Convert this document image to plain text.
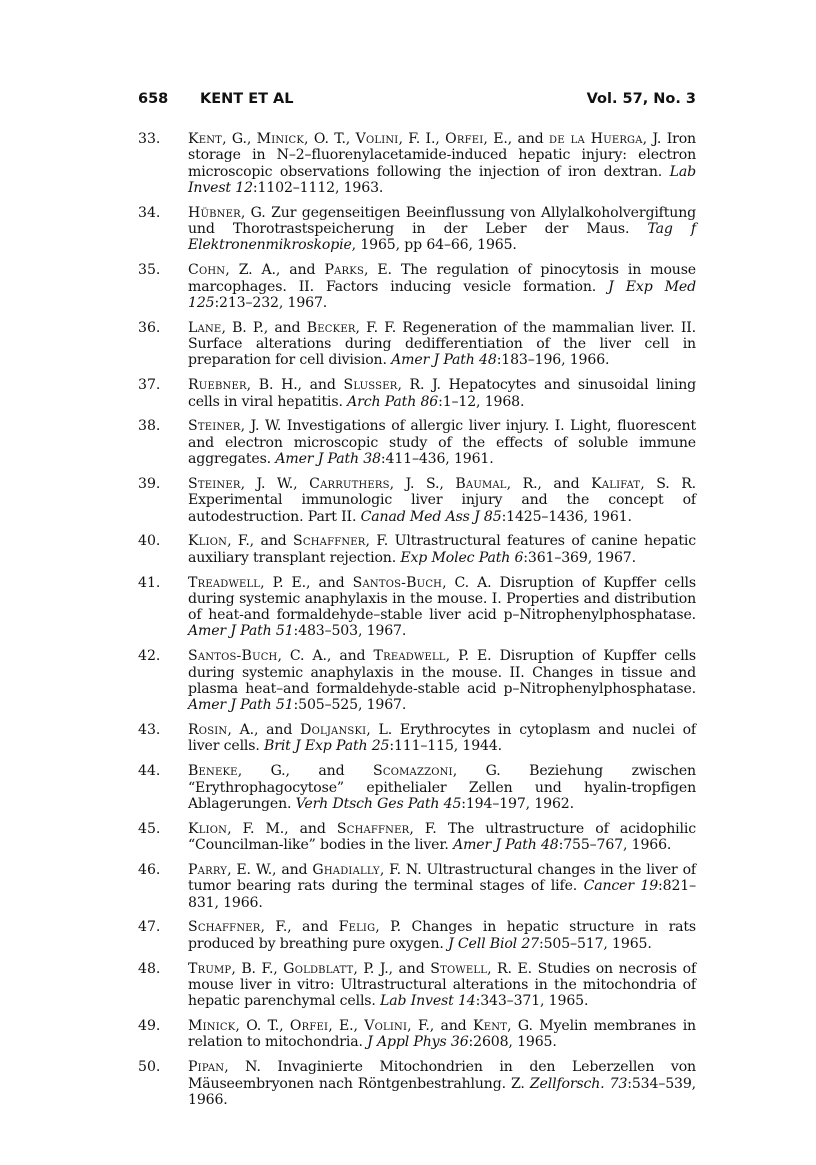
658 KENT ET AL	Vol. 57, No. 3
33.	Kent, G., Minick, O. T., Volini, F. I., Orfei, E., and de la Huerga, J. Iron storage in N–2–fluorenylacetamide-induced hepatic injury: electron microscopic observations following the injection of iron dextran. Lab Invest 12:1102–1112, 1963.
34.	Hübner, G. Zur gegenseitigen Beeinflussung von Allylalkoholvergiftung und Thorotrastspeicherung in der Leber der Maus. Tag f Elektronenmikroskopie, 1965, pp 64–66, 1965.
35.	Cohn, Z. A., and Parks, E. The regulation of pinocytosis in mouse marcophages. II. Factors inducing vesicle formation. J Exp Med 125:213–232, 1967.
36.	Lane, B. P., and Becker, F. F. Regeneration of the mammalian liver. II. Surface alterations during dedifferentiation of the liver cell in preparation for cell division. Amer J Path 48:183–196, 1966.
37.	Ruebner, B. H., and Slusser, R. J. Hepatocytes and sinusoidal lining cells in viral hepatitis. Arch Path 86:1–12, 1968.
38.	Steiner, J. W. Investigations of allergic liver injury. I. Light, fluorescent and electron microscopic study of the effects of soluble immune aggregates. Amer J Path 38:411–436, 1961.
39.	Steiner, J. W., Carruthers, J. S., Baumal, R., and Kalifat, S. R. Experimental immunologic liver injury and the concept of autodestruction. Part II. Canad Med Ass J 85:1425–1436, 1961.
40.	Klion, F., and Schaffner, F. Ultrastructural features of canine hepatic auxiliary transplant rejection. Exp Molec Path 6:361–369, 1967.
41.	Treadwell, P. E., and Santos-Buch, C. A. Disruption of Kupffer cells during systemic anaphylaxis in the mouse. I. Properties and distribution of heat-and formaldehyde–stable liver acid p–Nitrophenylphosphatase. Amer J Path 51:483–503, 1967.
42.	Santos-Buch, C. A., and Treadwell, P. E. Disruption of Kupffer cells during systemic anaphylaxis in the mouse. II. Changes in tissue and plasma heat–and formaldehyde-stable acid p–Nitrophenylphosphatase. Amer J Path 51:505–525, 1967.
43.	Rosin, A., and Doljanski, L. Erythrocytes in cytoplasm and nuclei of liver cells. Brit J Exp Path 25:111–115, 1944.
44.	Beneke, G., and Scomazzoni, G. Beziehung zwischen “Erythrophagocytose” epithelialer Zellen und hyalin-tropfigen Ablagerungen. Verh Dtsch Ges Path 45:194–197, 1962.
45.	Klion, F. M., and Schaffner, F. The ultrastructure of acidophilic “Councilman-like” bodies in the liver. Amer J Path 48:755–767, 1966.
46.	Parry, E. W., and Ghadially, F. N. Ultrastructural changes in the liver of tumor bearing rats during the terminal stages of life. Cancer 19:821–831, 1966.
47.	Schaffner, F., and Felig, P. Changes in hepatic structure in rats produced by breathing pure oxygen. J Cell Biol 27:505–517, 1965.
48.	Trump, B. F., Goldblatt, P. J., and Stowell, R. E. Studies on necrosis of mouse liver in vitro: Ultrastructural alterations in the mitochondria of hepatic parenchymal cells. Lab Invest 14:343–371, 1965.
49.	Minick, O. T., Orfei, E., Volini, F., and Kent, G. Myelin membranes in relation to mitochondria. J Appl Phys 36:2608, 1965.
50.	Pipan, N. Invaginierte Mitochondrien in den Leberzellen von Mäuseembryonen nach Röntgenbestrahlung. Z. Zellforsch. 73:534–539, 1966.
